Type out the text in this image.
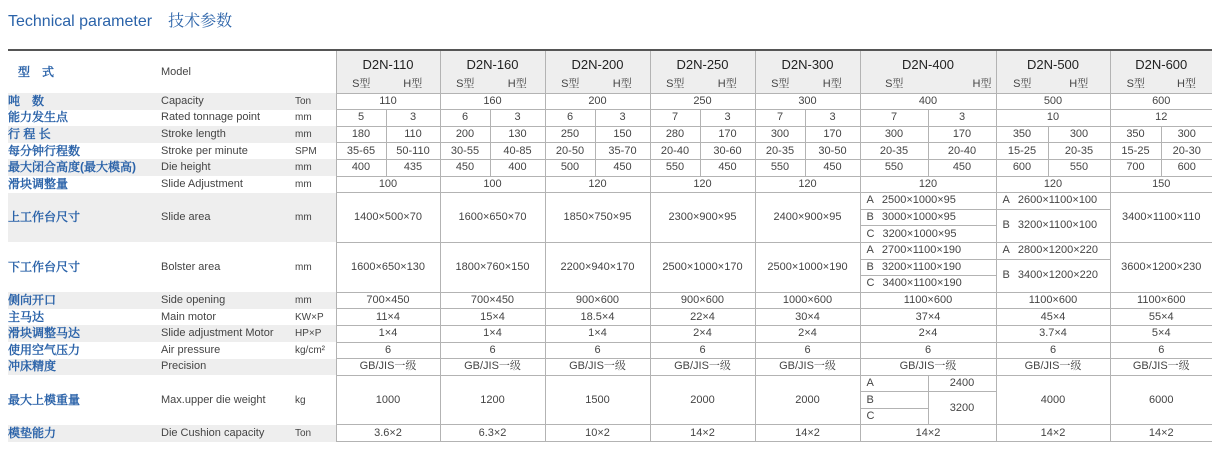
Technical parameter 技术参数
型　式	Model		D2N-110		D2N-160		D2N-200		D2N-250		D2N-300		D2N-400		D2N-500		D2N-600	
			S型	H型	S型	H型	S型	H型	S型	H型	S型	H型	S型	H型	S型	H型	S型	H型
吨　数	Capacity	Ton	110		160		200		250		300		400		500		600	
能力发生点	Rated tonnage point	mm	5	3	6	3	6	3	7	3	7	3	7	3	10		12	
行 程 长	Stroke length	mm	180	110	200	130	250	150	280	170	300	170	300	170	350	300	350	300
每分钟行程数	Stroke per minute	SPM	35-65	50-110	30-55	40-85	20-50	35-70	20-40	30-60	20-35	30-50	20-35	20-40	15-25	20-35	15-25	20-30
最大闭合高度(最大模高)	Die height	mm	400	435	450	400	500	450	550	450	550	450	550	450	600	550	700	600
滑块调整量	Slide Adjustment	mm	100		100		120		120		120		120		120		150	
上工作台尺寸	Slide area	mm	1400×500×70		1600×650×70		1850×750×95		2300×900×95		2400×900×95		A 2500×1000×95		A 2600×1100×100		3400×1100×110	
													B 3000×1000×95		B 3200×1100×100			
													C 3200×1000×95					
下工作台尺寸	Bolster area	mm	1600×650×130		1800×760×150		2200×940×170		2500×1000×170		2500×1000×190		A 2700×1100×190		A 2800×1200×220		3600×1200×230	
													B 3200×1100×190		B 3400×1200×220			
													C 3400×1100×190					
侧向开口	Side opening	mm	700×450		700×450		900×600		900×600		1000×600		1100×600		1100×600		1100×600	
主马达	Main motor	KW×P	11×4		15×4		18.5×4		22×4		30×4		37×4		45×4		55×4	
滑块调整马达	Slide adjustment Motor	HP×P	1×4		1×4		1×4		2×4		2×4		2×4		3.7×4		5×4	
使用空气压力	Air pressure	kg/cm²	6		6		6		6		6		6		6		6	
冲床精度	Precision		GB/JIS一级		GB/JIS一级		GB/JIS一级		GB/JIS一级		GB/JIS一级		GB/JIS一级		GB/JIS一级		GB/JIS一级	
最大上模重量	Max.upper die weight	kg	1000		1200		1500		2000		2000		A	2400	4000		6000	
													B	3200				
													C					
模垫能力	Die Cushion capacity	Ton	3.6×2		6.3×2		10×2		14×2		14×2		14×2		14×2		14×2	
